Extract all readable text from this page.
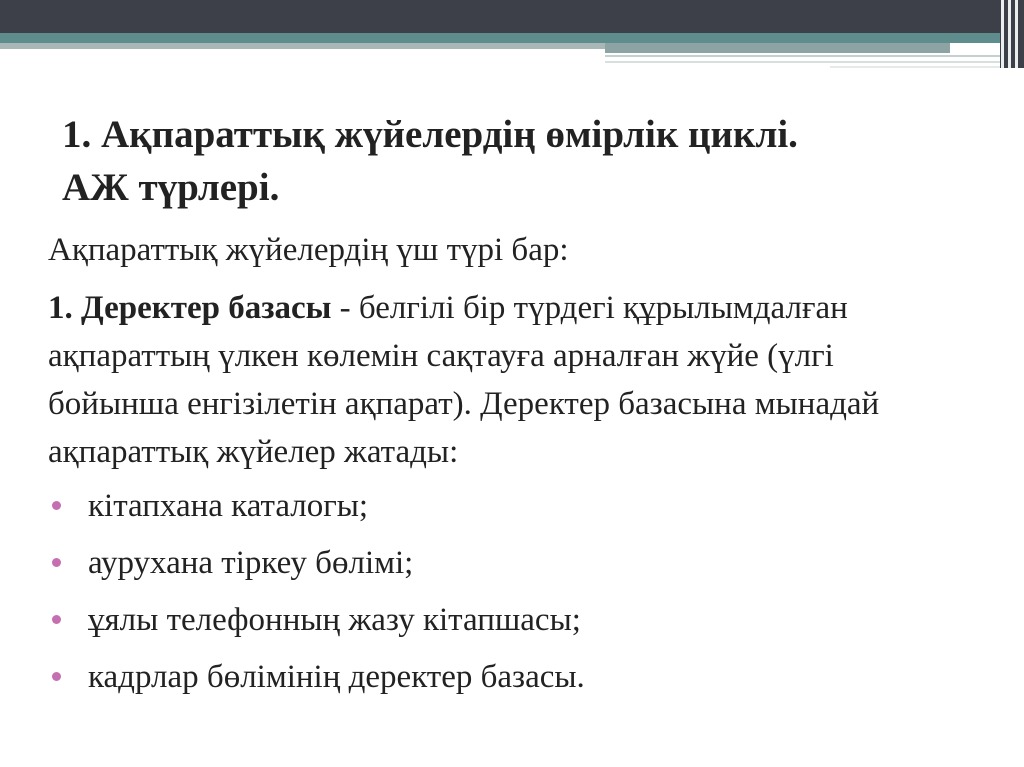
1. Ақпараттық жүйелердің өмірлік циклі.
АЖ түрлері.

Ақпараттық жүйелердің үш түрі бар:

1. Деректер базасы - белгілі бір түрдегі құрылымдалған ақпараттың үлкен көлемін сақтауға арналған жүйе (үлгі бойынша енгізілетін ақпарат). Деректер базасына мынадай ақпараттық жүйелер жатады:

кітапхана каталогы;
аурухана тіркеу бөлімі;
ұялы телефонның жазу кітапшасы;
кадрлар бөлімінің деректер базасы.
